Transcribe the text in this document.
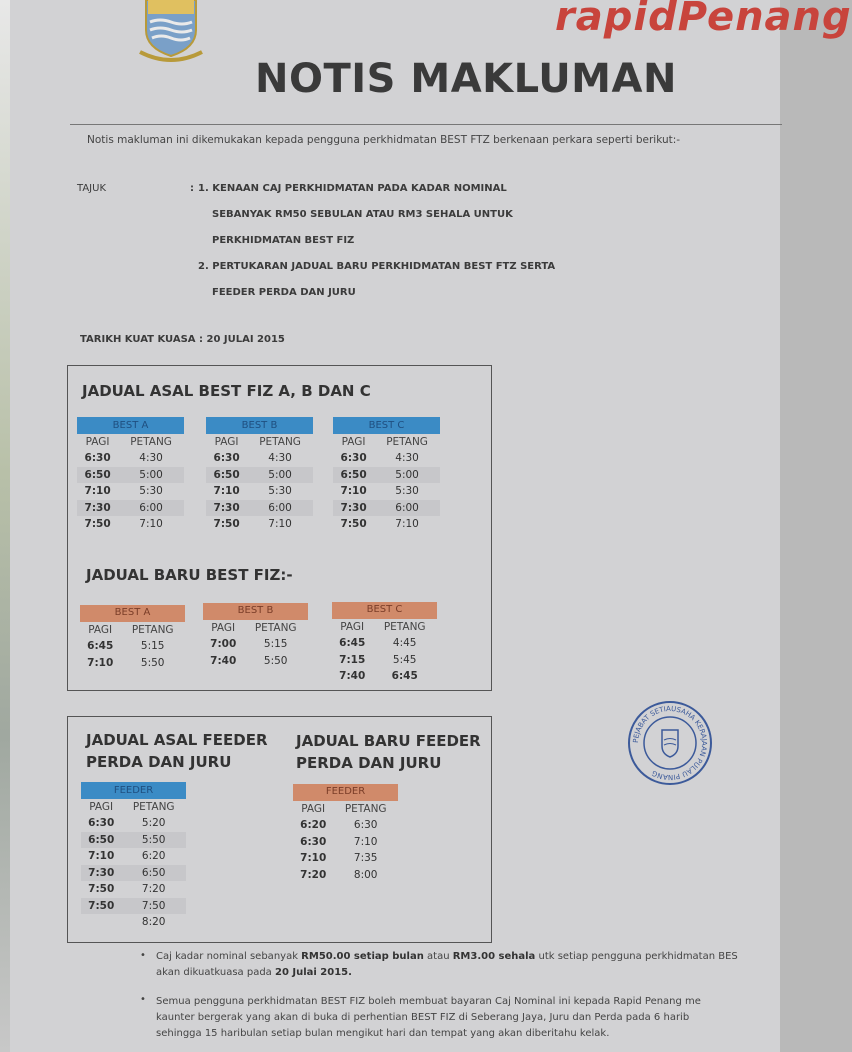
rapidPenang
NOTIS MAKLUMAN
Notis makluman ini dikemukakan kepada pengguna perkhidmatan BEST FTZ berkenaan perkara seperti berikut:-
TAJUK	: 1. KENAAN CAJ PERKHIDMATAN PADA KADAR NOMINAL
SEBANYAK RM50 SEBULAN ATAU RM3 SEHALA UNTUK
PERKHIDMATAN BEST FIZ
2. PERTUKARAN JADUAL BARU PERKHIDMATAN BEST FTZ SERTA
FEEDER PERDA DAN JURU
TARIKH KUAT KUASA : 20 JULAI 2015
JADUAL ASAL BEST FIZ A, B DAN C
BEST A	
PAGI	PETANG
6:30	4:30
6:50	5:00
7:10	5:30
7:30	6:00
7:50	7:10
BEST B	
PAGI	PETANG
6:30	4:30
6:50	5:00
7:10	5:30
7:30	6:00
7:50	7:10
BEST C	
PAGI	PETANG
6:30	4:30
6:50	5:00
7:10	5:30
7:30	6:00
7:50	7:10
JADUAL BARU BEST FIZ:-
BEST A	
PAGI	PETANG
6:45	5:15
7:10	5:50
BEST B	
PAGI	PETANG
7:00	5:15
7:40	5:50
BEST C	
PAGI	PETANG
6:45	4:45
7:15	5:45
7:40	6:45
JADUAL ASAL FEEDER
PERDA DAN JURU
JADUAL BARU FEEDER
PERDA DAN JURU
FEEDER	
PAGI	PETANG
6:30	5:20
6:50	5:50
7:10	6:20
7:30	6:50
7:50	7:20
7:50	7:50
	8:20
FEEDER	
PAGI	PETANG
6:20	6:30
6:30	7:10
7:10	7:35
7:20	8:00
PEJABAT SETIAUSAHA KERAJAAN PULAU PINANG
• Caj kadar nominal sebanyak RM50.00 setiap bulan atau RM3.00 sehala utk setiap pengguna perkhidmatan BES
akan dikuatkuasa pada 20 Julai 2015.
• Semua pengguna perkhidmatan BEST FIZ boleh membuat bayaran Caj Nominal ini kepada Rapid Penang me
kaunter bergerak yang akan di buka di perhentian BEST FIZ di Seberang Jaya, Juru dan Perda pada 6 harib
sehingga 15 haribulan setiap bulan mengikut hari dan tempat yang akan diberitahu kelak.
